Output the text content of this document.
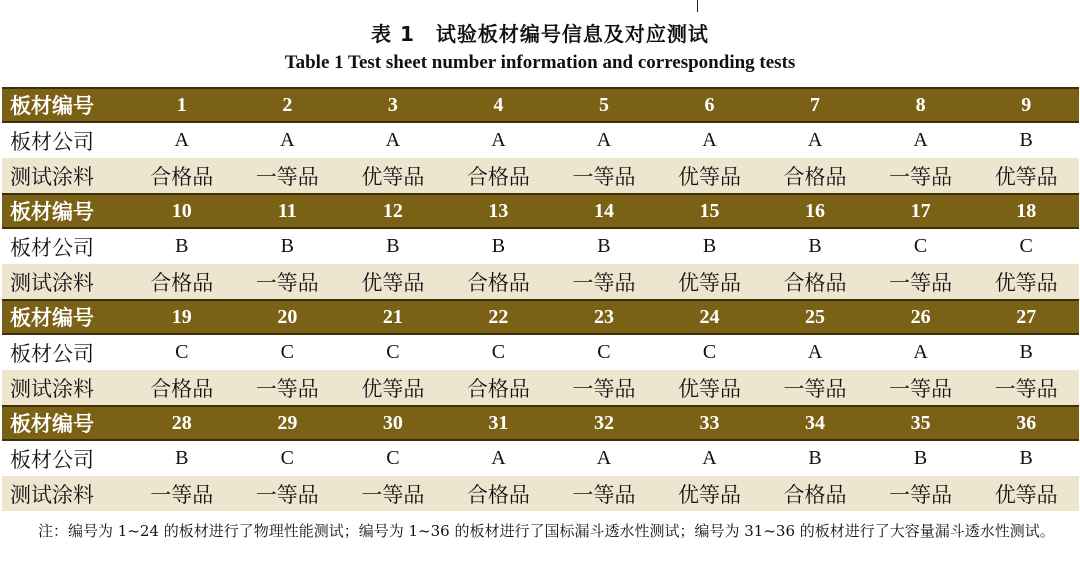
表 1　试验板材编号信息及对应测试
Table 1 Test sheet number information and corresponding tests
板材编号	1	2	3	4	5	6	7	8	9
板材公司	A	A	A	A	A	A	A	A	B
测试涂料	合格品	一等品	优等品	合格品	一等品	优等品	合格品	一等品	优等品
板材编号	10	11	12	13	14	15	16	17	18
板材公司	B	B	B	B	B	B	B	C	C
测试涂料	合格品	一等品	优等品	合格品	一等品	优等品	合格品	一等品	优等品
板材编号	19	20	21	22	23	24	25	26	27
板材公司	C	C	C	C	C	C	A	A	B
测试涂料	合格品	一等品	优等品	合格品	一等品	优等品	一等品	一等品	一等品
板材编号	28	29	30	31	32	33	34	35	36
板材公司	B	C	C	A	A	A	B	B	B
测试涂料	一等品	一等品	一等品	合格品	一等品	优等品	合格品	一等品	优等品
注：编号为 1~24 的板材进行了物理性能测试；编号为 1~36 的板材进行了国标漏斗透水性测试；编号为 31~36 的板材进行了大容量漏斗透水性测试。
